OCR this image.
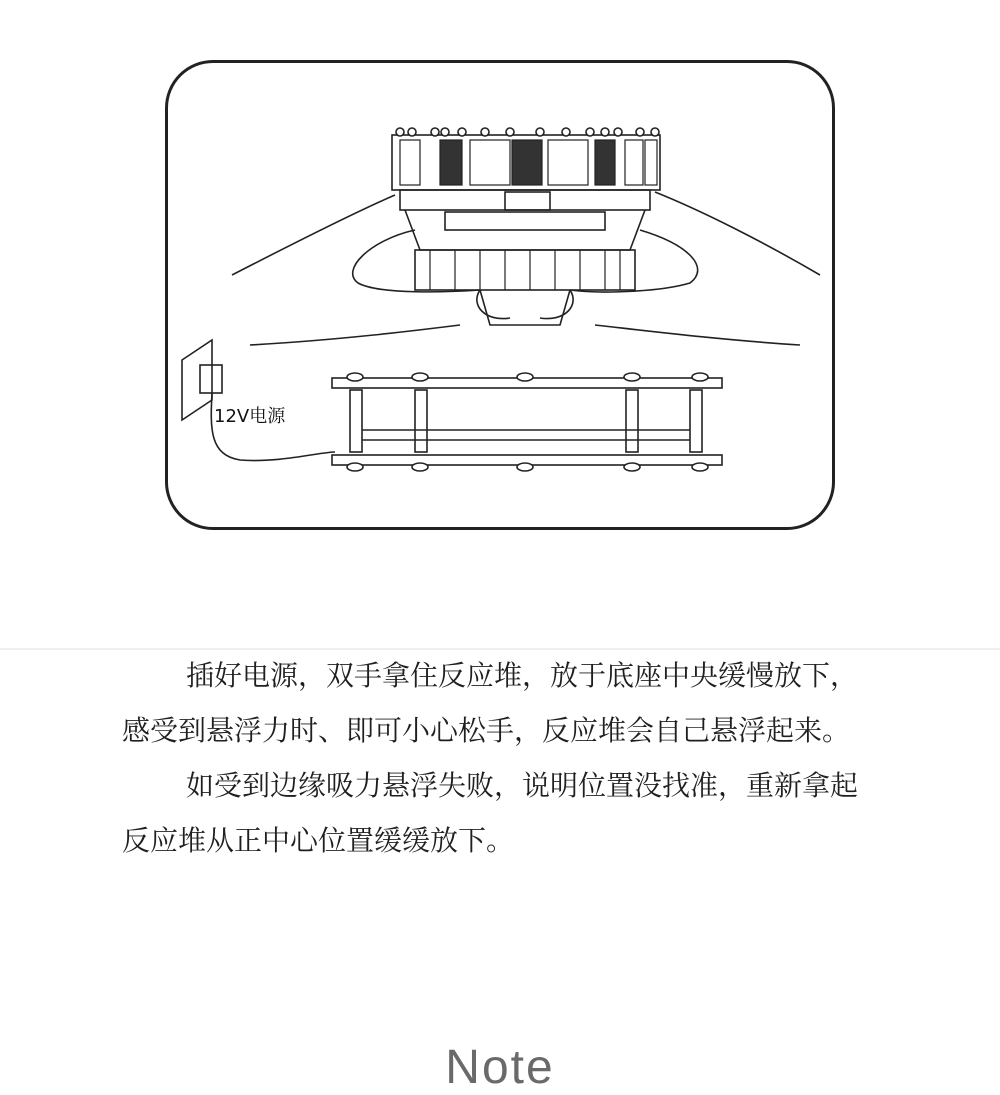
12V电源

插好电源，双手拿住反应堆，放于底座中央缓慢放下，感受到悬浮力时、即可小心松手，反应堆会自己悬浮起来。

如受到边缘吸力悬浮失败，说明位置没找准，重新拿起反应堆从正中心位置缓缓放下。

Note
